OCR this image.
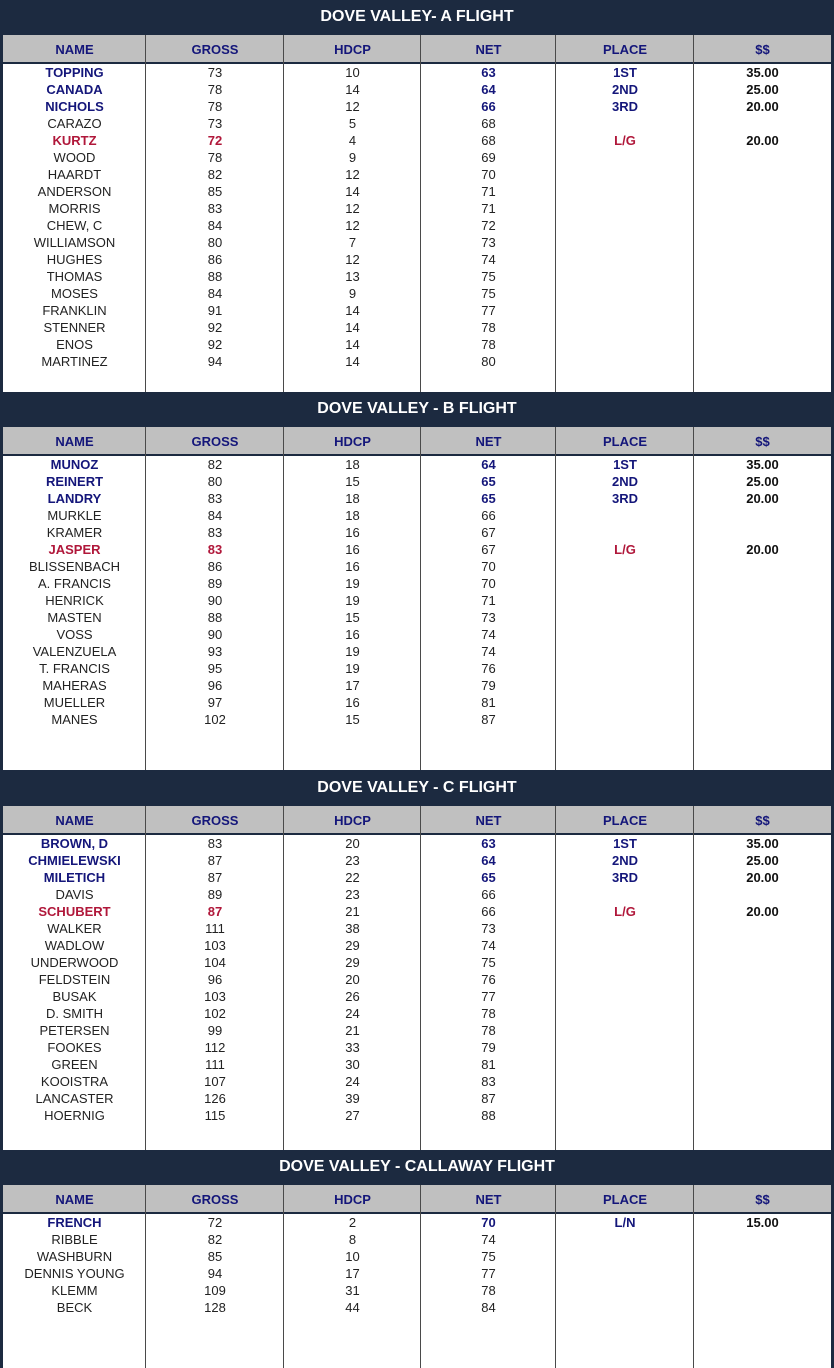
DOVE VALLEY- A FLIGHT
NAME	GROSS	HDCP	NET	PLACE	$$
TOPPING	73	10	63	1ST	35.00
CANADA	78	14	64	2ND	25.00
NICHOLS	78	12	66	3RD	20.00
CARAZO	73	5	68
KURTZ	72	4	68	L/G	20.00
WOOD	78	9	69
HAARDT	82	12	70
ANDERSON	85	14	71
MORRIS	83	12	71
CHEW, C	84	12	72
WILLIAMSON	80	7	73
HUGHES	86	12	74
THOMAS	88	13	75
MOSES	84	9	75
FRANKLIN	91	14	77
STENNER	92	14	78
ENOS	92	14	78
MARTINEZ	94	14	80
DOVE VALLEY - B FLIGHT
NAME	GROSS	HDCP	NET	PLACE	$$
MUNOZ	82	18	64	1ST	35.00
REINERT	80	15	65	2ND	25.00
LANDRY	83	18	65	3RD	20.00
MURKLE	84	18	66
KRAMER	83	16	67
JASPER	83	16	67	L/G	20.00
BLISSENBACH	86	16	70
A. FRANCIS	89	19	70
HENRICK	90	19	71
MASTEN	88	15	73
VOSS	90	16	74
VALENZUELA	93	19	74
T. FRANCIS	95	19	76
MAHERAS	96	17	79
MUELLER	97	16	81
MANES	102	15	87
DOVE VALLEY - C FLIGHT
NAME	GROSS	HDCP	NET	PLACE	$$
BROWN, D	83	20	63	1ST	35.00
CHMIELEWSKI	87	23	64	2ND	25.00
MILETICH	87	22	65	3RD	20.00
DAVIS	89	23	66
SCHUBERT	87	21	66	L/G	20.00
WALKER	111	38	73
WADLOW	103	29	74
UNDERWOOD	104	29	75
FELDSTEIN	96	20	76
BUSAK	103	26	77
D. SMITH	102	24	78
PETERSEN	99	21	78
FOOKES	112	33	79
GREEN	111	30	81
KOOISTRA	107	24	83
LANCASTER	126	39	87
HOERNIG	115	27	88
DOVE VALLEY - CALLAWAY FLIGHT
NAME	GROSS	HDCP	NET	PLACE	$$
FRENCH	72	2	70	L/N	15.00
RIBBLE	82	8	74
WASHBURN	85	10	75
DENNIS YOUNG	94	17	77
KLEMM	109	31	78
BECK	128	44	84
